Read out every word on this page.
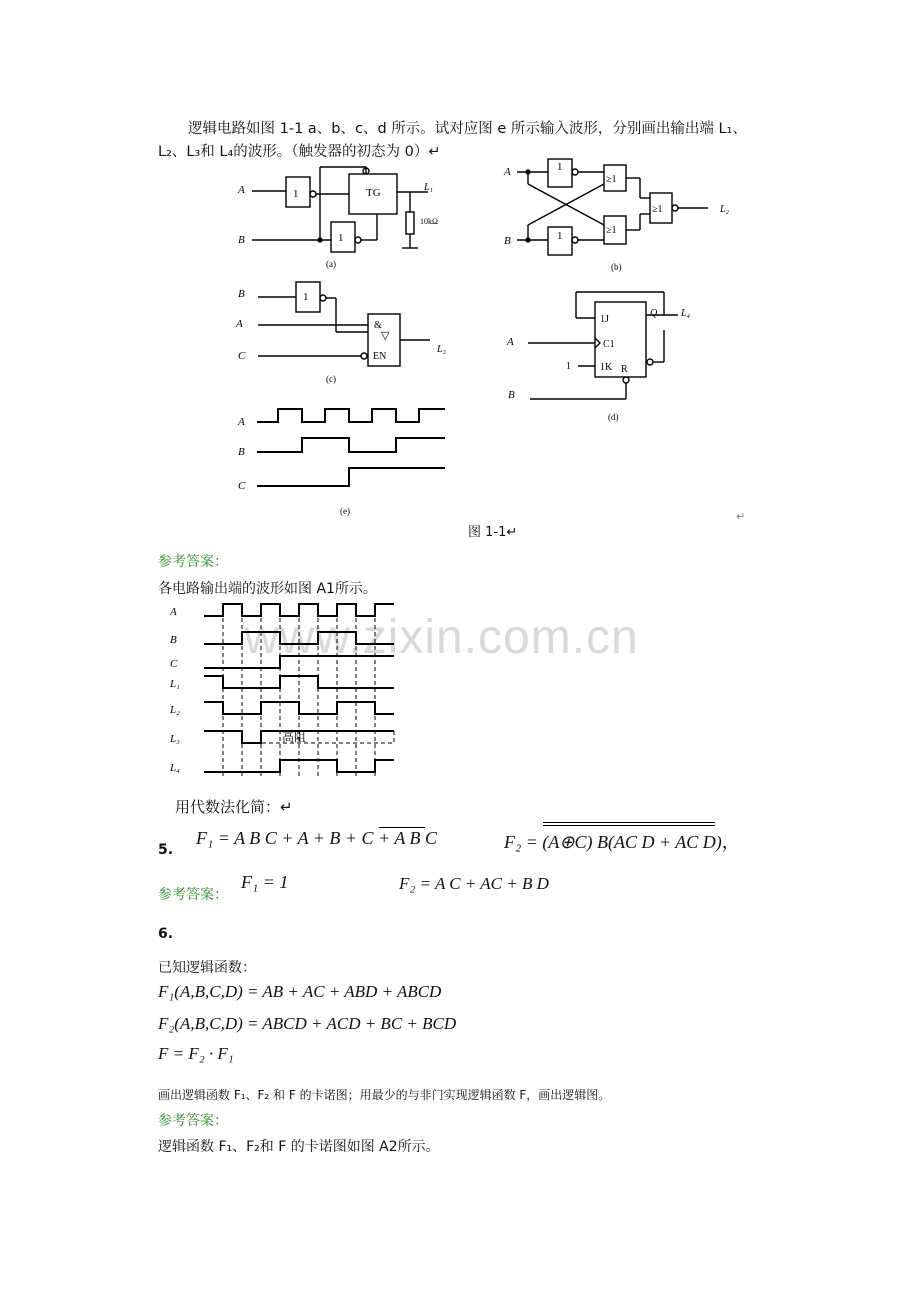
逻辑电路如图 1-1 a、b、c、d 所示。试对应图 e 所示输入波形，分别画出输出端 L₁、
L₂、L₃和 L₄的波形。（触发器的初态为 0）↵
A
B
1
1
TG	L₁
10kΩ
(a)
A
B
1
1
≥1
≥1
≥1	L₂
(b)
B
A
C
1
&
▽
EN
L₃
(c)
1J
C1
1K R
Q L₄
A
1
B
(d)
A
B
C
(e)
图 1-1↵
↵
参考答案：
各电路输出端的波形如图 A1所示。
www.zixin.com.cn
A
B
C
L₁
L₂
L₃
L₄
高阻
用代数法化简：↵
5.
F₁ = A B C + A + B + C + A B C	F₂ = (A⊕C) B(AC D + AC D)，
参考答案：
F₁ = 1	F₂ = A C + AC + B D
6.
已知逻辑函数：
F₁(A,B,C,D) = AB + AC + ABD + ABCD
F₂(A,B,C,D) = ABCD + ACD + BC + BCD
F = F₂ · F₁
画出逻辑函数 F₁、F₂ 和 F 的卡诺图；用最少的与非门实现逻辑函数 F，画出逻辑图。
参考答案：
逻辑函数 F₁、F₂和 F 的卡诺图如图 A2所示。
